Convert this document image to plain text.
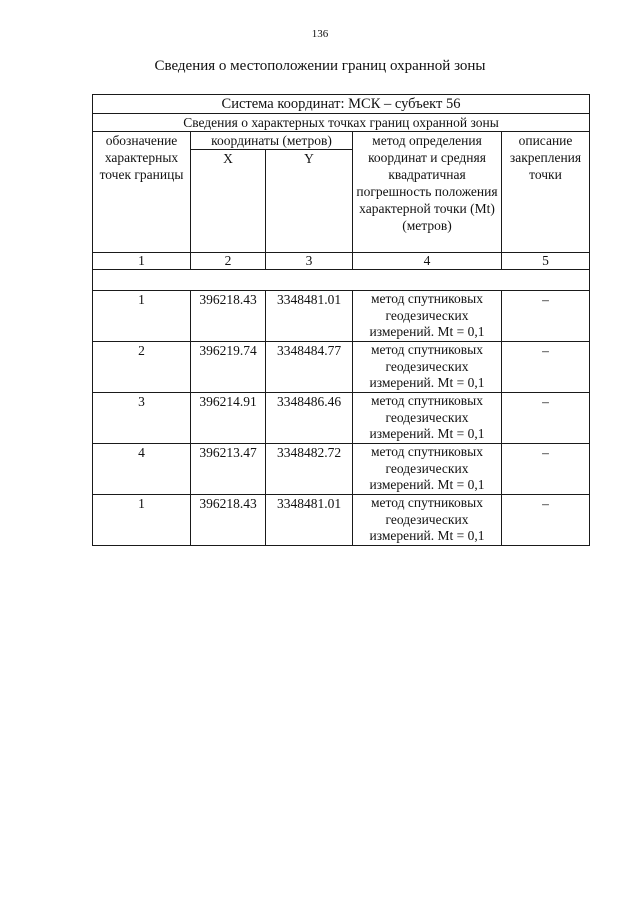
136
Сведения о местоположении границ охранной зоны
Система координат: МСК – субъект 56				
Сведения о характерных точках границ охранной зоны				
обозначение характерных точек границы	координаты (метров)		метод определения координат и средняя квадратичная погрешность положения характерной точки (Mt) (метров)	описание закрепления точки
	X	Y		
1	2	3	4	5

1	396218.43	3348481.01	метод спутниковых геодезических измерений. Mt = 0,1	–
2	396219.74	3348484.77	метод спутниковых геодезических измерений. Mt = 0,1	–
3	396214.91	3348486.46	метод спутниковых геодезических измерений. Mt = 0,1	–
4	396213.47	3348482.72	метод спутниковых геодезических измерений. Mt = 0,1	–
1	396218.43	3348481.01	метод спутниковых геодезических измерений. Mt = 0,1	–
